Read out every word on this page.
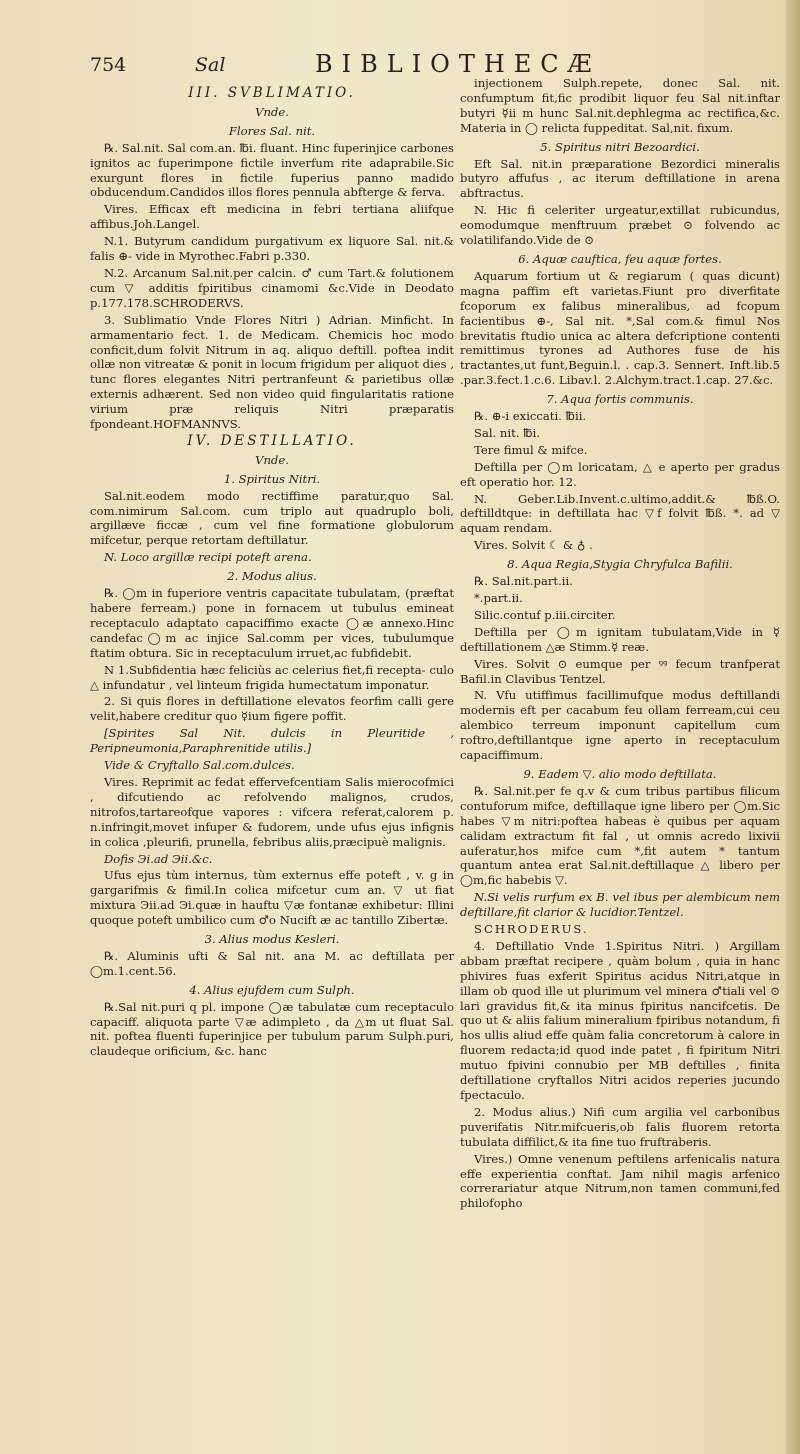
754	Sal	BIBLIOTHECÆ
III. SVBLIMATIO.
Vnde.
Flores Sal. nit.

℞. Sal.nit. Sal com.an. ℔i. fluant. Hinc fuperinjice carbones ignitos ac fuperimpone fictile inverfum rite adaprabile.Sic exurgunt flores in fictile fuperius panno madido obducendum.Candidos illos flores pennula abfterge & ferva.

Vires. Efficax eft medicina in febri tertiana aliifque affibus.Joh.Langel.

N.1. Butyrum candidum purgativum ex liquore Sal. nit.& falis ⊕- vide in Myrothec.Fabri p.330.

N.2. Arcanum Sal.nit.per calcin. ♂ cum Tart.& folutionem cum ▽ additis fpiritibus cinamomi &c.Vide in Deodato p.177.178.SCHRODERVS.

3. Sublimatio Vnde Flores Nitri ) Adrian. Minficht. In armamentario fect. 1. de Medicam. Chemicis hoc modo conficit,dum folvit Nitrum in aq. aliquo deftill. poftea indit ollæ non vitreatæ & ponit in locum frigidum per aliquot dies , tunc flores elegantes Nitri pertranfeunt & parietibus ollæ externis adhærent. Sed non video quid fingularitatis ratione virium præ reliquis Nitri præparatis fpondeant.HOFMANNVS.

IV. DESTILLATIO.
Vnde.
1. Spiritus Nitri.

Sal.nit.eodem modo rectiffime paratur,quo Sal. com.nimirum Sal.com. cum triplo aut quadruplo boli, argillæve ficcæ , cum vel fine formatione globulorum mifcetur, perque retortam deftillatur.

N. Loco argillæ recipi poteft arena.

2. Modus alius.

℞. ◯m in fuperiore ventris capacitate tubulatam, (præftat habere ferream.) pone in fornacem ut tubulus emineat receptaculo adaptato capaciffimo exacte ◯æ annexo.Hinc candefac◯m ac injice Sal.comm per vices, tubulumque ftatim obtura. Sic in receptaculum irruet,ac fubfidebit.

N 1.Subfidentia hæc feliciùs ac celerius fiet,fi recepta- culo △ infundatur , vel linteum frigida humectatum imponatur.

2. Si quis flores in deftillatione elevatos feorfim calli gere velit,habere creditur quo ☿ium figere poffit.

[Spirites Sal Nit. dulcis in Pleuritide , Peripneumonia,Paraphrenitide utilis.]

Vide & Cryftallo Sal.com.dulces.

Vires. Reprimit ac fedat effervefcentiam Salis mierocofmici , difcutiendo ac refolvendo malignos, crudos, nitrofos,tartareofque vapores : vifcera referat,calorem p. n.infringit,movet infuper & fudorem, unde ufus ejus infignis in colica ,pleurifi, prunella, febribus aliis,præcipuè malignis.

Dofis Эi.ad Эii.&c.

Ufus ejus tùm internus, tùm externus effe poteft , v. g in gargarifmis & fimil.In colica mifcetur cum an. ▽ ut fiat mixtura Эii.ad Эi.quæ in hauftu ▽æ fontanæ exhibetur: Illini quoque poteft umbilico cum ♂o Nucift æ ac tantillo Zibertæ.

3. Alius modus Kesleri.

℞. Aluminis ufti & Sal nit. ana M. ac deftillata per ◯m.1.cent.56.

4. Alius ejufdem cum Sulph.

℞.Sal nit.puri q pl. impone ◯æ tabulatæ cum receptaculo capaciff. aliquota parte ▽æ adimpleto , da △m ut fluat Sal. nit. poftea fluenti fuperinjice per tubulum parum Sulph.puri, claudeque orificium, &c. hanc

injectionem Sulph.repete, donec Sal. nit. confumptum fit,fic prodibit liquor feu Sal nit.inftar butyri ☿ii m hunc Sal.nit.dephlegma ac rectifica,&c. Materia in ◯ relicta fuppeditat. Sal,nit. fixum.

5. Spiritus nitri Bezoardici.

Eft Sal. nit.in præparatione Bezordici mineralis butyro affufus , ac iterum deftillatione in arena abftractus.

N. Hic fi celeriter urgeatur,extillat rubicundus, eomodumque menftruum præbet ⊙ folvendo ac volatilifando.Vide de ⊙

6. Aquæ cauftica, feu aquæ fortes.

Aquarum fortium ut & regiarum ( quas dicunt) magna paffim eft varietas.Fiunt pro diverfitate fcoporum ex falibus mineralibus, ad fcopum facientibus ⊕-, Sal nit. *,Sal com.& fimul Nos brevitatis ftudio unica ac altera defcriptione contenti remittimus tyrones ad Authores fuse de his tractantes,ut funt,Beguin.l. . cap.3. Sennert. Inft.lib.5 .par.3.fect.1.c.6. Libav.l. 2.Alchym.tract.1.cap. 27.&c.

7. Aqua fortis communis.

℞. ⊕-i exiccati. ℔ii.

Sal. nit. ℔i.

Tere fimul & mifce.

Deftilla per ◯m loricatam, △ e aperto per gradus eft operatio hor. 12.

N. Geber.Lib.Invent.c.ultimo,addit.& ℔ß.O. deftilldtque: in deftillata hac ▽f folvit ℔ß. *. ad ▽ aquam rendam.

Vires. Solvit ☾ & ♁ .

8. Aqua Regia,Stygia Chryfulca Bafilii.

℞. Sal.nit.part.ii.

*.part.ii.

Silic.contuf p.iii.circiter.

Deftilla per ◯m ignitam tubulatam,Vide in ☿ deftillationem △æ Stimm.☿ reæ.

Vires. Solvit ⊙ eumque per ꝰꝰ fecum tranfperat Bafil.in Clavibus Tentzel.

N. Vfu utiffimus facillimufque modus deftillandi modernis eft per cacabum feu ollam ferream,cui ceu alembico terreum imponunt capitellum cum roftro,deftillantque igne aperto in receptaculum capaciffimum.

9. Eadem ▽. alio modo deftillata.

℞. Sal.nit.per fe q.v & cum tribus partibus filicum contuforum mifce, deftillaque igne libero per ◯m.Sic habes ▽m nitri:poftea habeas è quibus per aquam calidam extractum fit fal , ut omnis acredo lixivii auferatur,hos mifce cum *,fit autem * tantum quantum antea erat Sal.nit.deftillaque △ libero per ◯m,fic habebis ▽.

N.Si velis rurfum ex B. vel ibus per alembicum nem deftillare,fit clarior & lucidior.Tentzel.

SCHRODERUS.

4. Deftillatio Vnde 1.Spiritus Nitri. ) Argillam abbam præftat recipere , quàm bolum , quia in hanc phivires fuas exferit Spiritus acidus Nitri,atque in illam ob quod ille ut plurimum vel minera ♂tiali vel ⊙ lari gravidus fit,& ita minus fpiritus nancifcetis. De quo ut & aliis falium mineralium fpiribus notandum, fi hos ullis aliud effe quàm falia concretorum à calore in fluorem redacta;id quod inde patet , fi fpiritum Nitri mutuo fpivini connubio per MB deftilles , finita deftillatione cryftallos Nitri acidos reperies jucundo fpectaculo.

2. Modus alius.) Nifi cum argilia vel carbonibus puverifatis Nitr.mifcueris,ob falis fluorem retorta tubulata diffilict,& ita fine tuo fruftraberis.

Vires.) Omne venenum peftilens arfenicalis natura effe experientia conftat. Jam nihil magis arfenico correrariatur atque Nitrum,non tamen communi,fed philofopho
